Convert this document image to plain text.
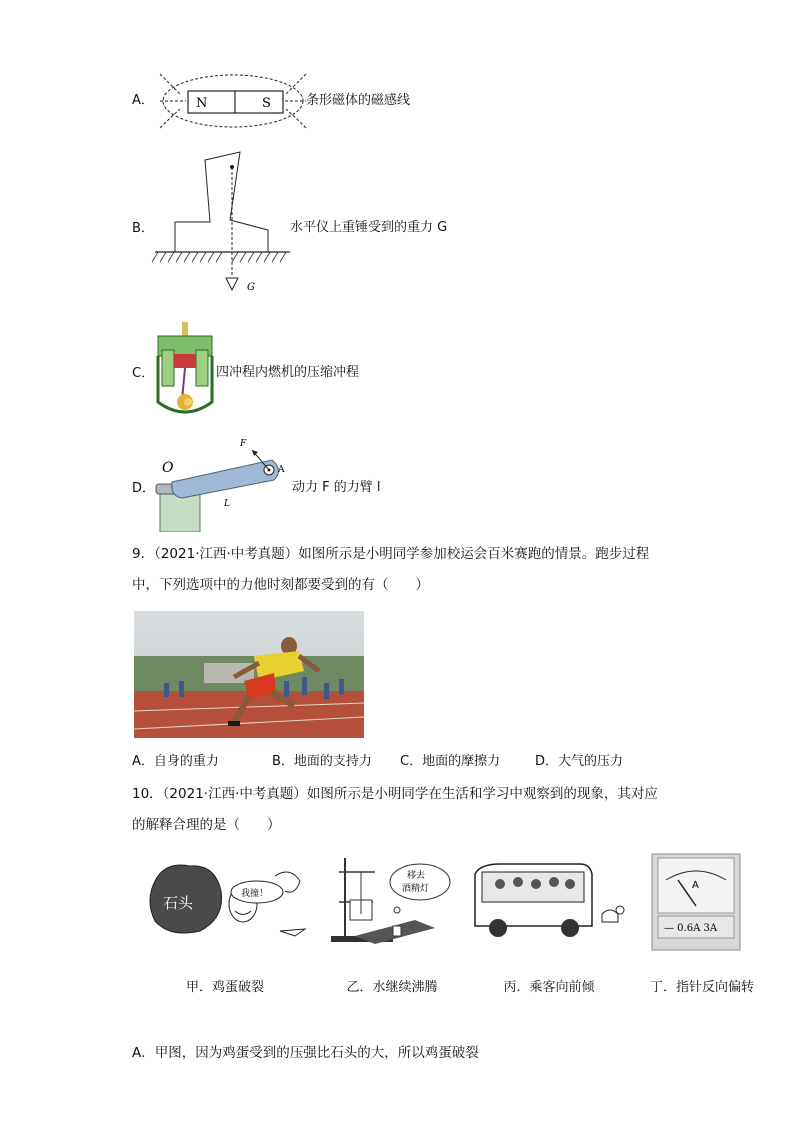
A．	N	S	条形磁体的磁感线
B．
G
水平仪上重锤受到的重力 G
C．	四冲程内燃机的压缩冲程
D．
O
F
A
L
动力 F 的力臂 l
9．（2021·江西·中考真题）如图所示是小明同学参加校运会百米赛跑的情景。跑步过程
中，下列选项中的力他时刻都要受到的有（　　）
A．自身的重力	B．地面的支持力 C．地面的摩擦力	D．大气的压力
10．（2021·江西·中考真题）如图所示是小明同学在生活和学习中观察到的现象，其对应
的解释合理的是（　　）
石头	我撞！
甲．鸡蛋破裂
移去
酒精灯
乙．水继续沸腾	丙．乘客向前倾
A
— 0.6A 3A
丁．指针反向偏转
A．甲图，因为鸡蛋受到的压强比石头的大，所以鸡蛋破裂
